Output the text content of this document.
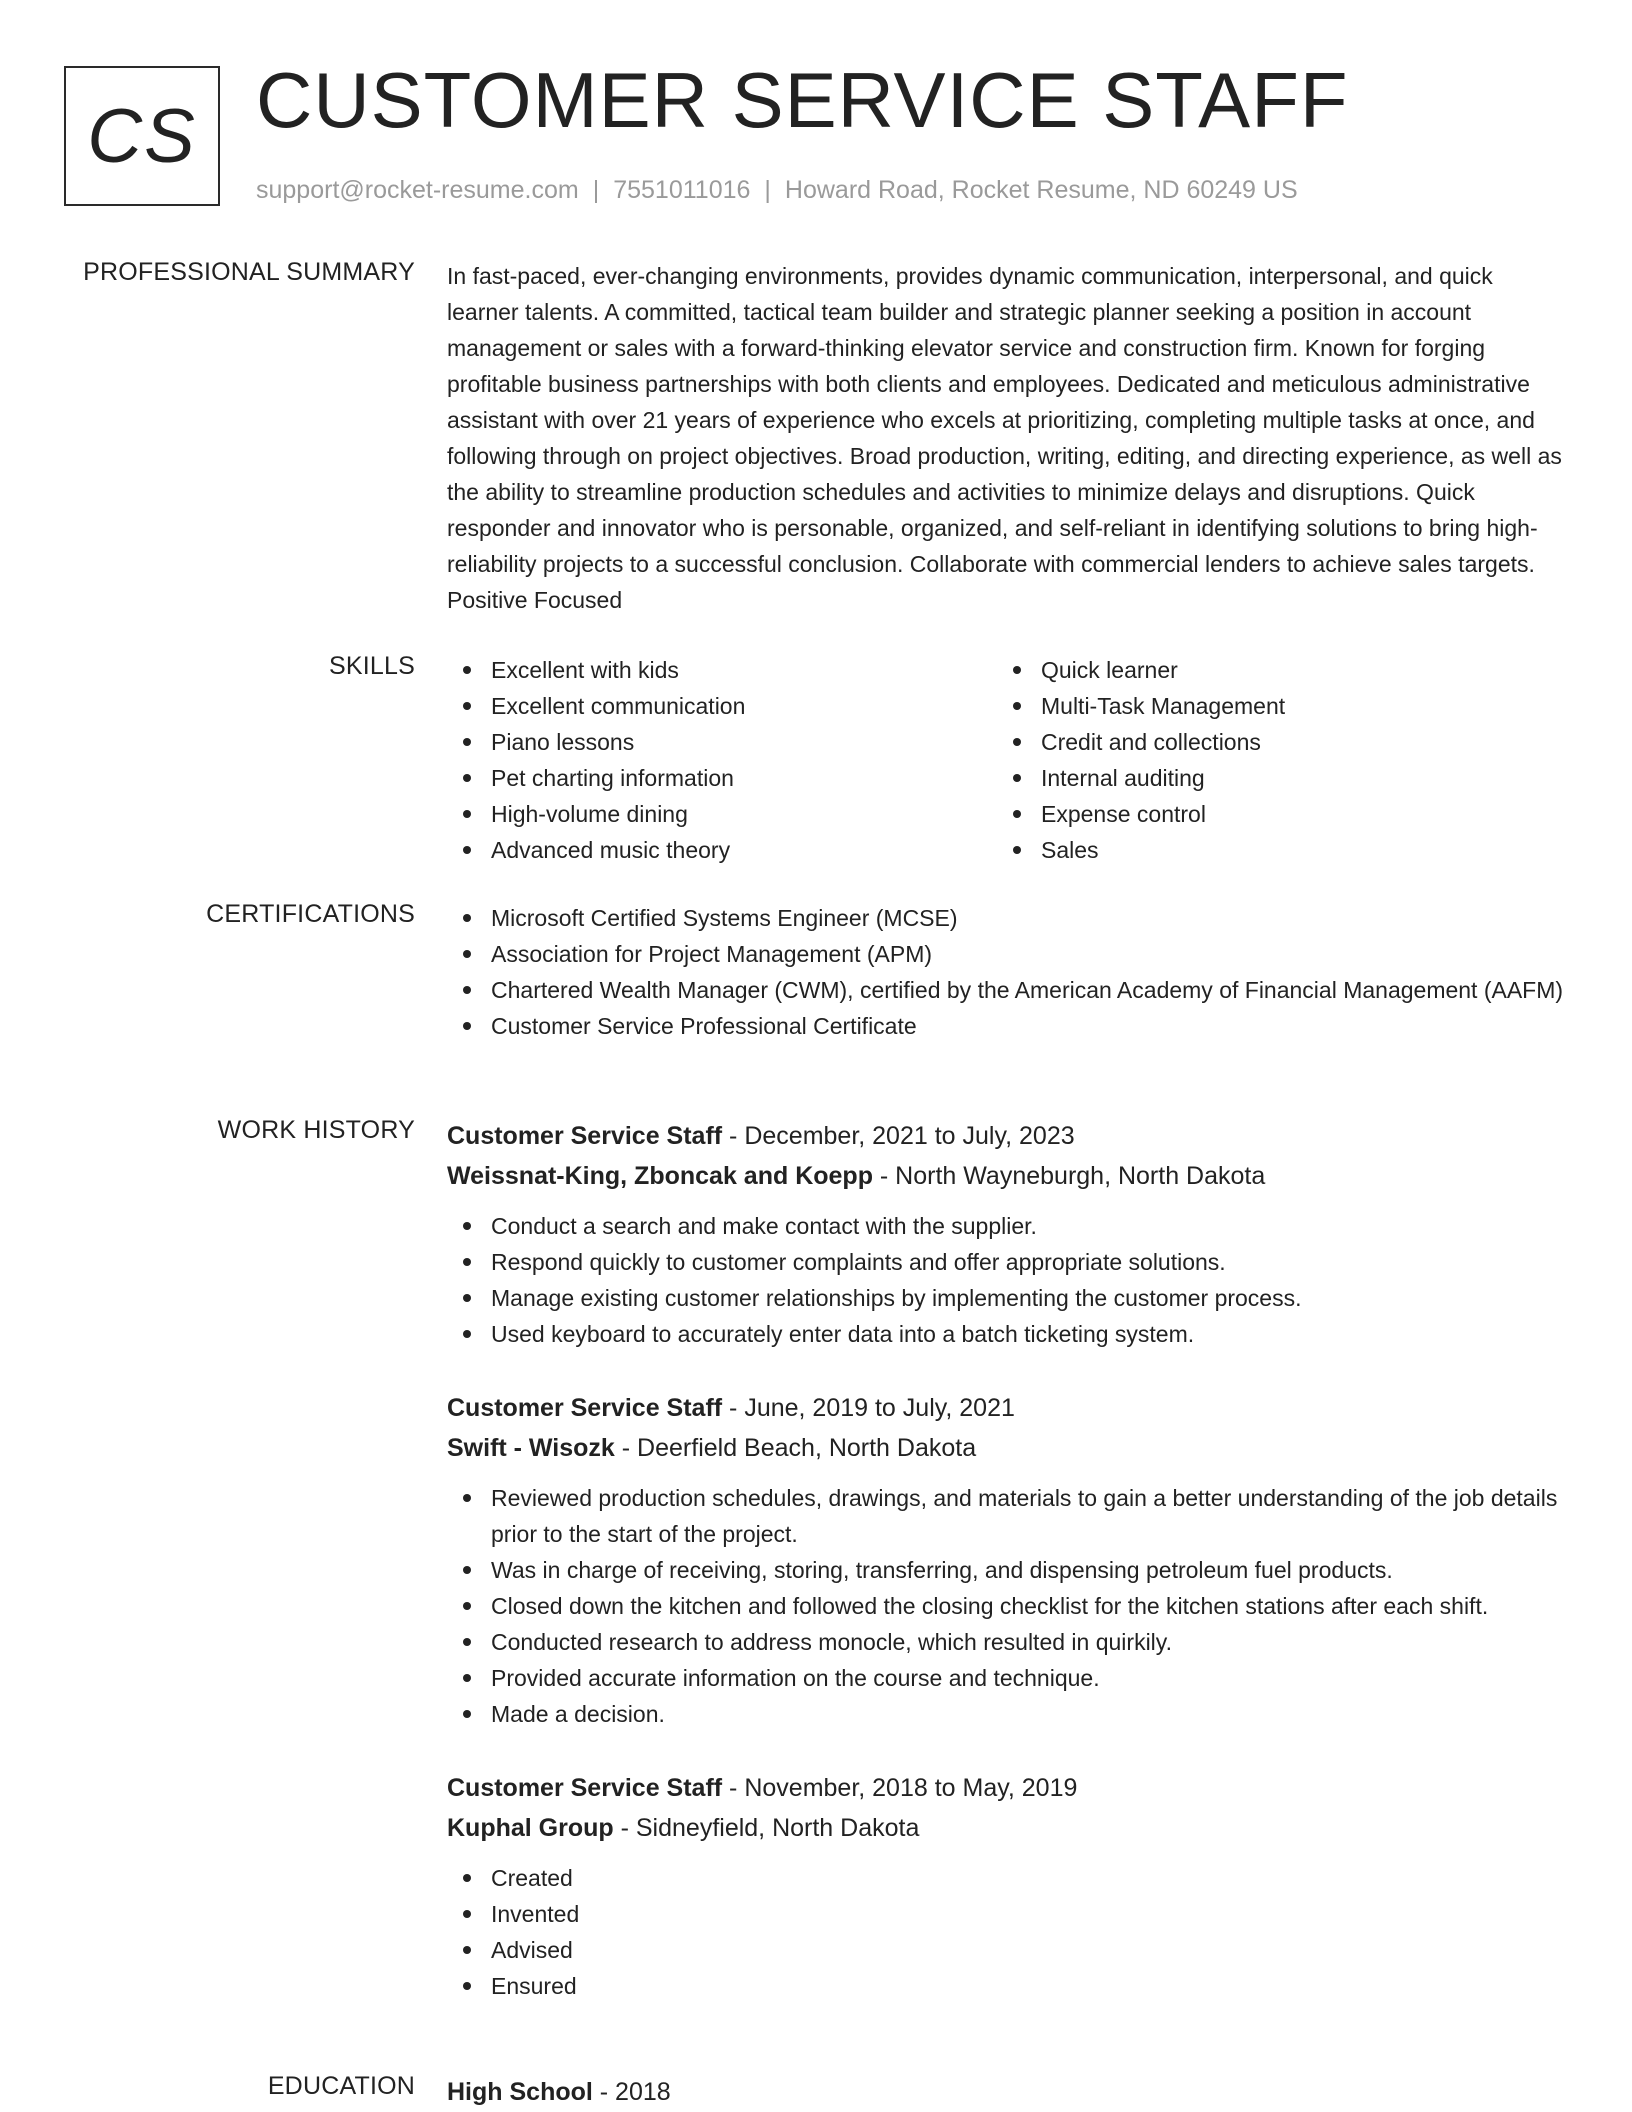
CS CUSTOMER SERVICE STAFF
support@rocket-resume.com | 7551011016 | Howard Road, Rocket Resume, ND 60249 US
PROFESSIONAL SUMMARY In fast-paced, ever-changing environments, provides dynamic communication, interpersonal, and quick learner talents. A committed, tactical team builder and strategic planner seeking a position in account management or sales with a forward-thinking elevator service and construction firm. Known for forging profitable business partnerships with both clients and employees. Dedicated and meticulous administrative assistant with over 21 years of experience who excels at prioritizing, completing multiple tasks at once, and following through on project objectives. Broad production, writing, editing, and directing experience, as well as the ability to streamline production schedules and activities to minimize delays and disruptions. Quick responder and innovator who is personable, organized, and self-reliant in identifying solutions to bring high-reliability projects to a successful conclusion. Collaborate with commercial lenders to achieve sales targets. Positive Focused

SKILLS	Excellent with kids
Excellent communication
Piano lessons
Pet charting information
High-volume dining
Advanced music theory
Quick learner
Multi-Task Management
Credit and collections
Internal auditing
Expense control
Sales
CERTIFICATIONS	Microsoft Certified Systems Engineer (MCSE)
Association for Project Management (APM)
Chartered Wealth Manager (CWM), certified by the American Academy of Financial Management (AAFM)
Customer Service Professional Certificate
WORK HISTORY Customer Service Staff - December, 2021 to July, 2023
Weissnat-King, Zboncak and Koepp - North Wayneburgh, North Dakota
Conduct a search and make contact with the supplier.
Respond quickly to customer complaints and offer appropriate solutions.
Manage existing customer relationships by implementing the customer process.
Used keyboard to accurately enter data into a batch ticketing system.
Customer Service Staff - June, 2019 to July, 2021
Swift - Wisozk - Deerfield Beach, North Dakota
Reviewed production schedules, drawings, and materials to gain a better understanding of the job details prior to the start of the project.
Was in charge of receiving, storing, transferring, and dispensing petroleum fuel products.
Closed down the kitchen and followed the closing checklist for the kitchen stations after each shift.
Conducted research to address monocle, which resulted in quirkily.
Provided accurate information on the course and technique.
Made a decision.
Customer Service Staff - November, 2018 to May, 2019
Kuphal Group - Sidneyfield, North Dakota
Created
Invented
Advised
Ensured
EDUCATION High School - 2018
